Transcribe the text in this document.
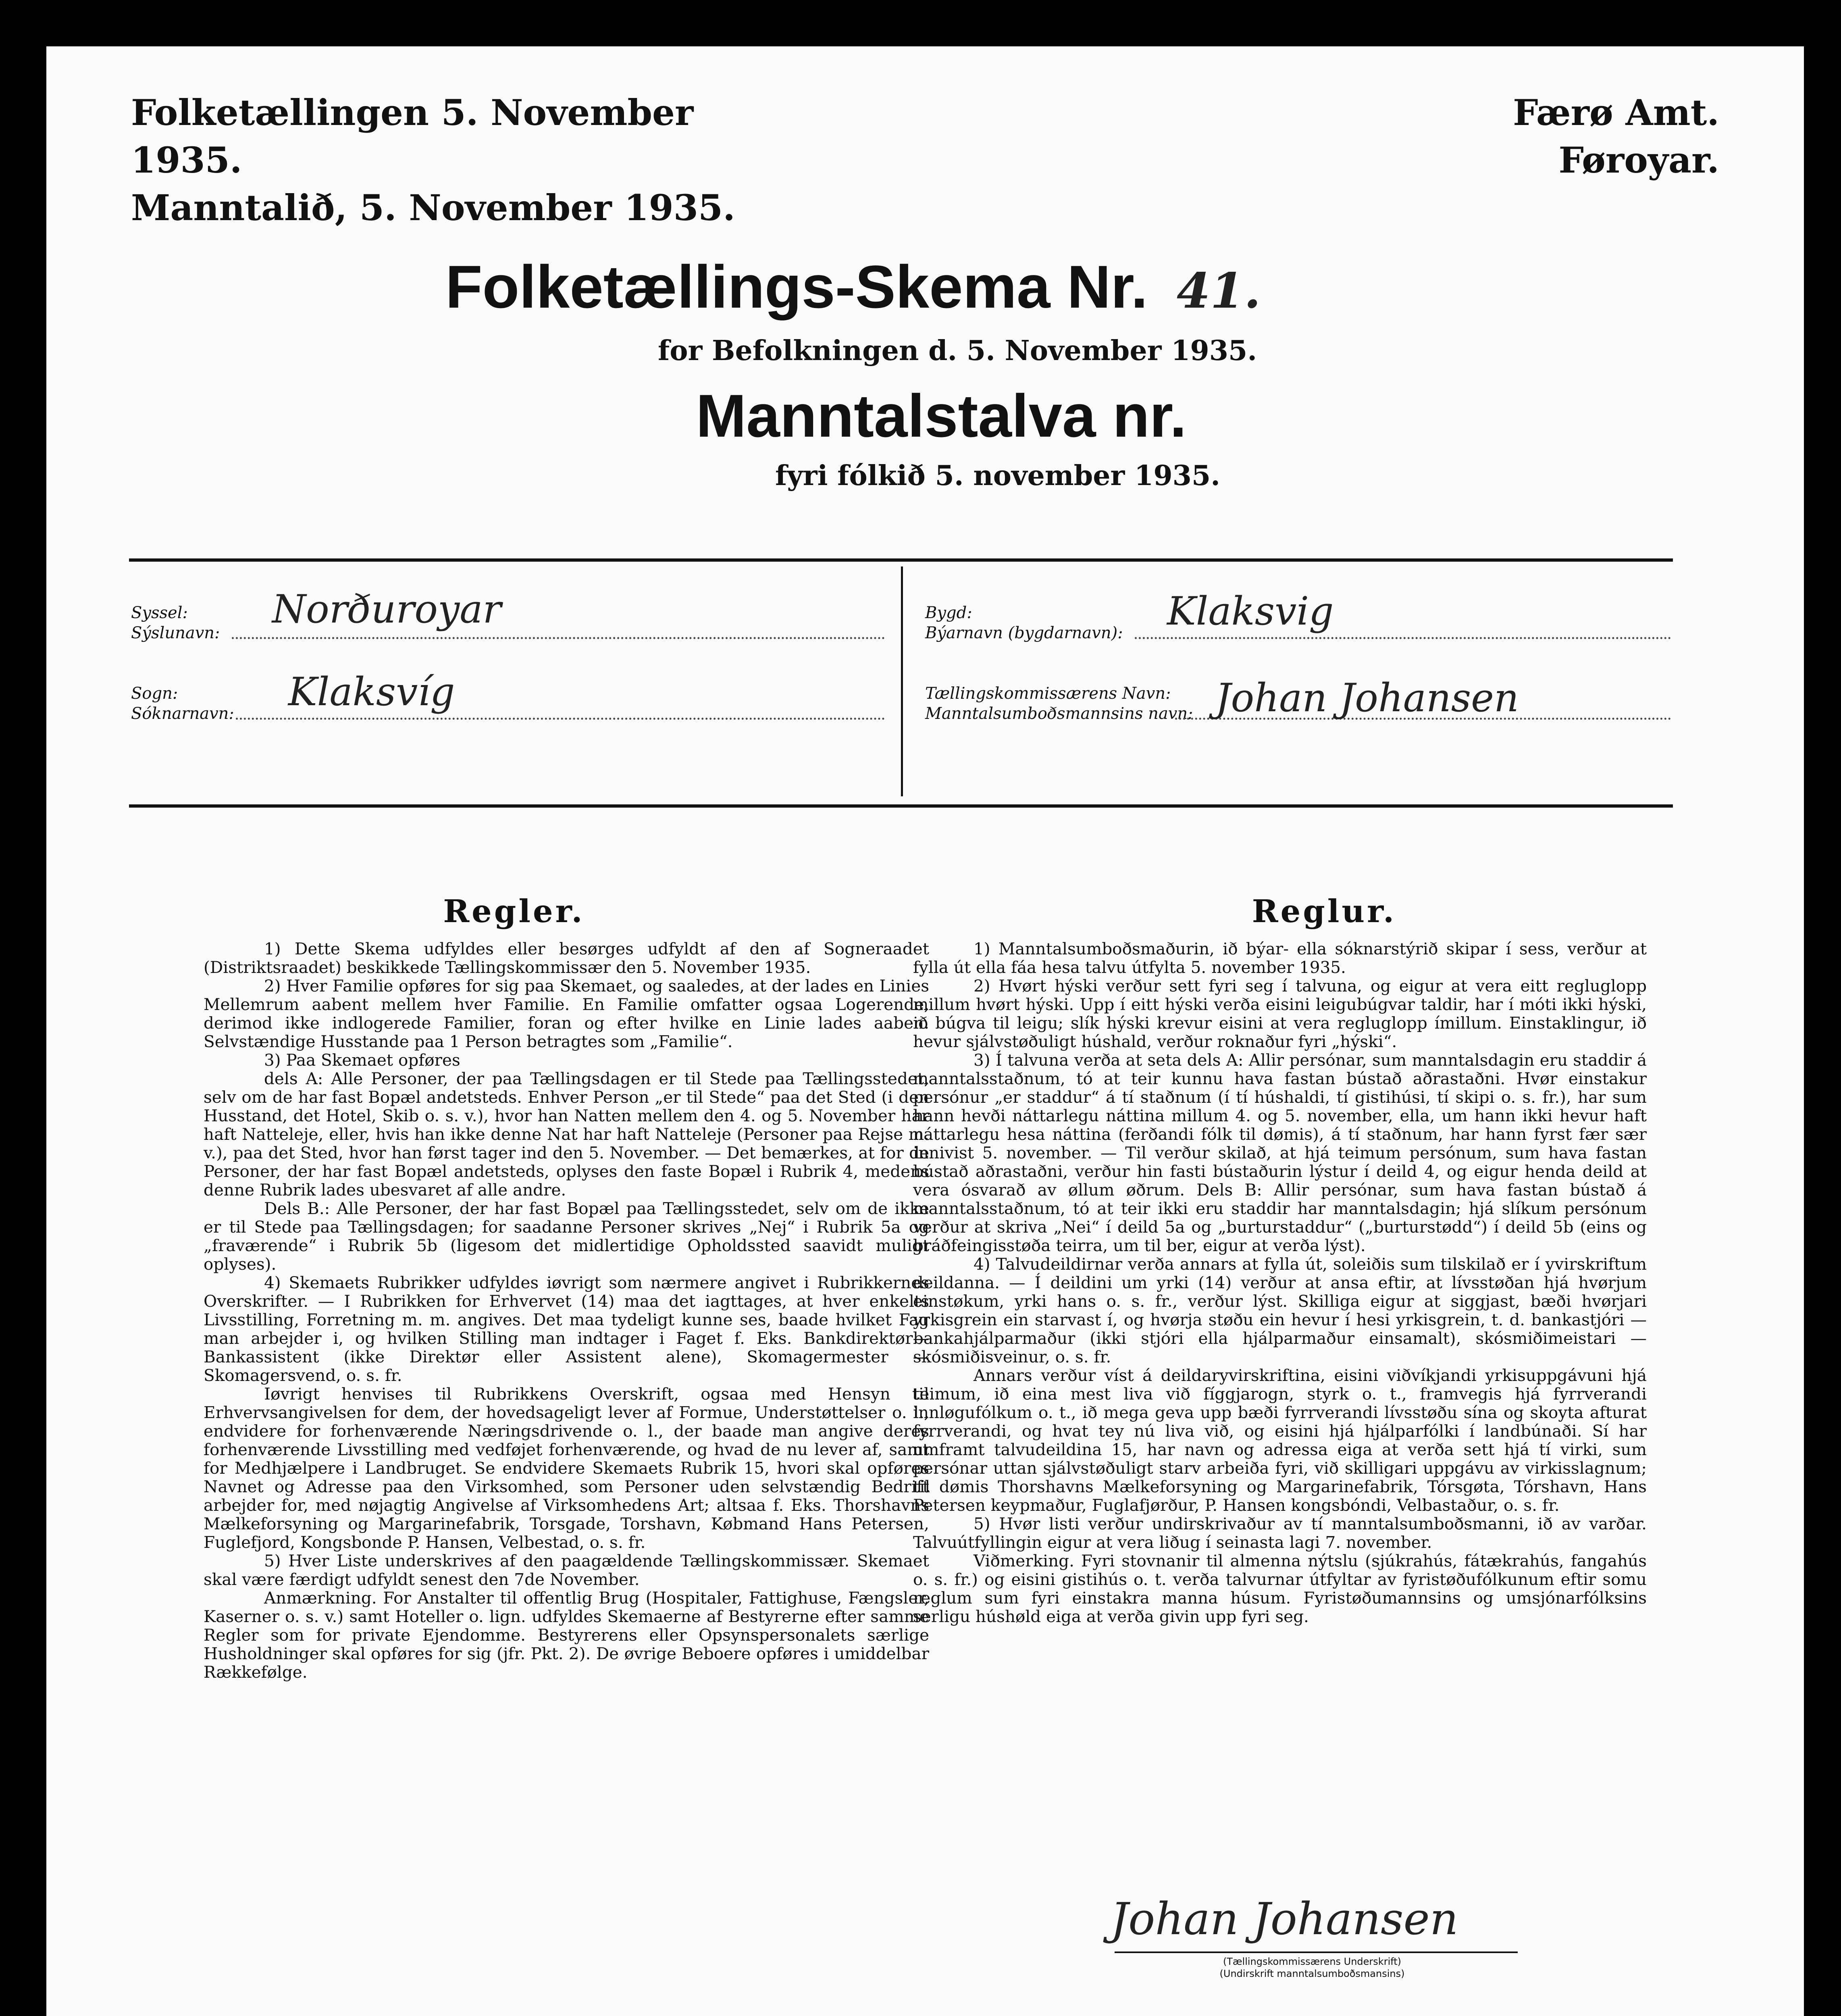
Folketællingen 5. November 1935.
Manntalið, 5. November 1935.
Færø Amt.
Føroyar.
Folketællings-Skema Nr. 41.
for Befolkningen d. 5. November 1935.
Manntalstalva nr.
fyri fólkið 5. november 1935.
Syssel:
Sýslunavn:
Norðuroyar
Sogn:
Sóknarnavn: Klaksvíg
Bygd:
Býarnavn (bygdarnavn): Klaksvig
Tællingskommissærens Navn:
Manntalsumboðsmannsins navn: Johan Johansen
Regler.

1) Dette Skema udfyldes eller besørges udfyldt af den af Sogneraadet (Distriktsraadet) beskikkede Tællingskommissær den 5. November 1935.

2) Hver Familie opføres for sig paa Skemaet, og saaledes, at der lades en Linies Mellemrum aabent mellem hver Familie. En Familie omfatter ogsaa Logerende, derimod ikke indlogerede Familier, foran og efter hvilke en Linie lades aaben. Selvstændige Husstande paa 1 Person betragtes som „Familie“.

3) Paa Skemaet opføres

dels A: Alle Personer, der paa Tællingsdagen er til Stede paa Tællingsstedet, selv om de har fast Bopæl andetsteds. Enhver Person „er til Stede“ paa det Sted (i den Husstand, det Hotel, Skib o. s. v.), hvor han Natten mellem den 4. og 5. November har haft Natteleje, eller, hvis han ikke denne Nat har haft Natteleje (Personer paa Rejse m. v.), paa det Sted, hvor han først tager ind den 5. November. — Det bemærkes, at for de Personer, der har fast Bopæl andetsteds, oplyses den faste Bopæl i Rubrik 4, medens denne Rubrik lades ubesvaret af alle andre.

Dels B.: Alle Personer, der har fast Bopæl paa Tællingsstedet, selv om de ikke er til Stede paa Tællingsdagen; for saadanne Personer skrives „Nej“ i Rubrik 5a og „fraværende“ i Rubrik 5b (ligesom det midlertidige Opholdssted saavidt muligt oplyses).

4) Skemaets Rubrikker udfyldes iøvrigt som nærmere angivet i Rubrikkernes Overskrifter. — I Rubrikken for Erhvervet (14) maa det iagttages, at hver enkelts Livsstilling, Forretning m. m. angives. Det maa tydeligt kunne ses, baade hvilket Fag man arbejder i, og hvilken Stilling man indtager i Faget f. Eks. Bankdirektør—Bankassistent (ikke Direktør eller Assistent alene), Skomagermester — Skomagersvend, o. s. fr.

Iøvrigt henvises til Rubrikkens Overskrift, ogsaa med Hensyn til Erhvervsangivelsen for dem, der hovedsageligt lever af Formue, Understøttelser o. l., endvidere for forhenværende Næringsdrivende o. l., der baade man angive deres forhenværende Livsstilling med vedføjet forhenværende, og hvad de nu lever af, samt for Medhjælpere i Landbruget. Se endvidere Skemaets Rubrik 15, hvori skal opføres Navnet og Adresse paa den Virksomhed, som Personer uden selvstændig Bedrift arbejder for, med nøjagtig Angivelse af Virksomhedens Art; altsaa f. Eks. Thorshavns Mælkeforsyning og Margarinefabrik, Torsgade, Torshavn, Købmand Hans Petersen, Fuglefjord, Kongsbonde P. Hansen, Velbestad, o. s. fr.

5) Hver Liste underskrives af den paagældende Tællingskommissær. Skemaet skal være færdigt udfyldt senest den 7de November.

Anmærkning. For Anstalter til offentlig Brug (Hospitaler, Fattighuse, Fængsler, Kaserner o. s. v.) samt Hoteller o. lign. udfyldes Skemaerne af Bestyrerne efter samme Regler som for private Ejendomme. Bestyrerens eller Opsynspersonalets særlige Husholdninger skal opføres for sig (jfr. Pkt. 2). De øvrige Beboere opføres i umiddelbar Rækkefølge.

Reglur.

1) Manntalsumboðsmaðurin, ið býar- ella sóknarstýrið skipar í sess, verður at fylla út ella fáa hesa talvu útfylta 5. november 1935.

2) Hvørt hýski verður sett fyri seg í talvuna, og eigur at vera eitt regluglopp millum hvørt hýski. Upp í eitt hýski verða eisini leigubúgvar taldir, har í móti ikki hýski, ið búgva til leigu; slík hýski krevur eisini at vera regluglopp ímillum. Einstaklingur, ið hevur sjálvstøðuligt húshald, verður roknaður fyri „hýski“.

3) Í talvuna verða at seta dels A: Allir persónar, sum manntalsdagin eru staddir á manntalsstaðnum, tó at teir kunnu hava fastan bústað aðrastaðni. Hvør einstakur persónur „er staddur“ á tí staðnum (í tí húshaldi, tí gistihúsi, tí skipi o. s. fr.), har sum hann hevði náttarlegu náttina millum 4. og 5. november, ella, um hann ikki hevur haft náttarlegu hesa náttina (ferðandi fólk til dømis), á tí staðnum, har hann fyrst fær sær innivist 5. november. — Til verður skilað, at hjá teimum persónum, sum hava fastan bústað aðrastaðni, verður hin fasti bústaðurin lýstur í deild 4, og eigur henda deild at vera ósvarað av øllum øðrum. Dels B: Allir persónar, sum hava fastan bústað á manntalsstaðnum, tó at teir ikki eru staddir har manntalsdagin; hjá slíkum persónum verður at skriva „Nei“ í deild 5a og „burturstaddur“ („burturstødd“) í deild 5b (eins og bráðfeingisstøða teirra, um til ber, eigur at verða lýst).

4) Talvudeildirnar verða annars at fylla út, soleiðis sum tilskilað er í yvirskriftum deildanna. — Í deildini um yrki (14) verður at ansa eftir, at lívsstøðan hjá hvørjum einstøkum, yrki hans o. s. fr., verður lýst. Skilliga eigur at siggjast, bæði hvørjari yrkisgrein ein starvast í, og hvørja støðu ein hevur í hesi yrkisgrein, t. d. bankastjóri — bankahjálparmaður (ikki stjóri ella hjálparmaður einsamalt), skósmiðimeistari — skósmiðisveinur, o. s. fr.

Annars verður víst á deildaryvirskriftina, eisini viðvíkjandi yrkisuppgávuni hjá teimum, ið eina mest liva við fíggjarogn, styrk o. t., framvegis hjá fyrrverandi innløgufólkum o. t., ið mega geva upp bæði fyrrverandi lívsstøðu sína og skoyta afturat fyrrverandi, og hvat tey nú liva við, og eisini hjá hjálparfólki í landbúnaði. Sí har umframt talvudeildina 15, har navn og adressa eiga at verða sett hjá tí virki, sum persónar uttan sjálvstøðuligt starv arbeiða fyri, við skilligari uppgávu av virkisslagnum; til dømis Thorshavns Mælkeforsyning og Margarinefabrik, Tórsgøta, Tórshavn, Hans Petersen keypmaður, Fuglafjørður, P. Hansen kongsbóndi, Velbastaður, o. s. fr.

5) Hvør listi verður undirskrivaður av tí manntalsumboðsmanni, ið av varðar. Talvuútfyllingin eigur at vera liðug í seinasta lagi 7. november.

Viðmerking. Fyri stovnanir til almenna nýtslu (sjúkrahús, fátækrahús, fangahús o. s. fr.) og eisini gistihús o. t. verða talvurnar útfyltar av fyristøðufólkunum eftir somu reglum sum fyri einstakra manna húsum. Fyristøðumannsins og umsjónarfólksins serligu húshøld eiga at verða givin upp fyri seg.

Johan Johansen
(Tællingskommissærens Underskrift)
(Undirskrift manntalsumboðsmansins)
